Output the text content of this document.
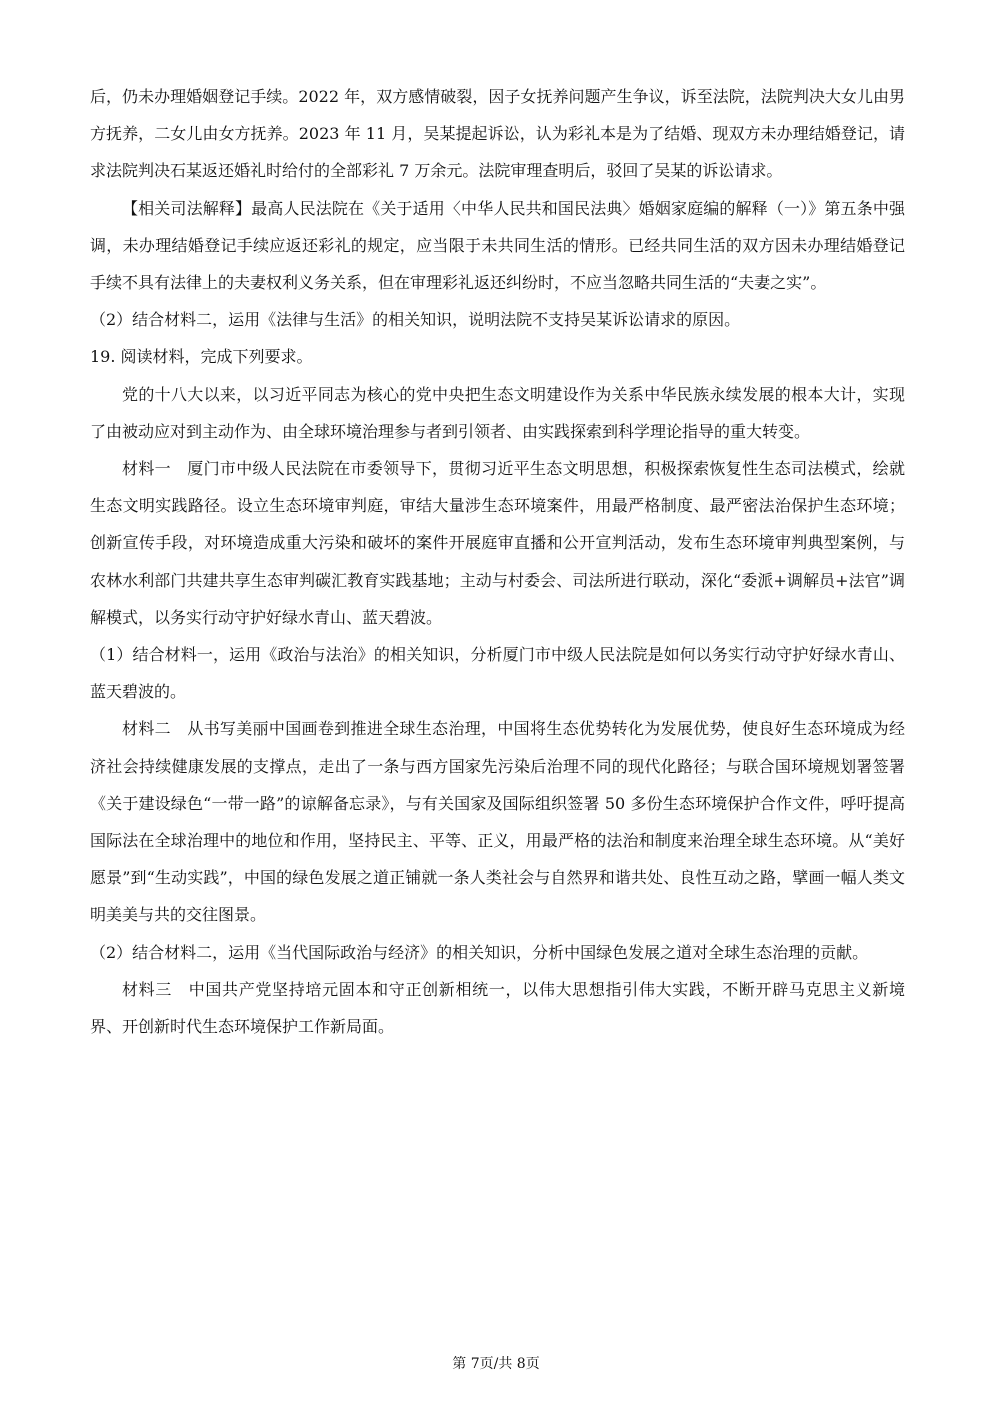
后，仍未办理婚姻登记手续。2022 年，双方感情破裂，因子女抚养问题产生争议，诉至法院，法院判决大女儿由男方抚养，二女儿由女方抚养。2023 年 11 月，吴某提起诉讼，认为彩礼本是为了结婚、现双方未办理结婚登记，请求法院判决石某返还婚礼时给付的全部彩礼 7 万余元。法院审理查明后，驳回了吴某的诉讼请求。

【相关司法解释】最高人民法院在《关于适用〈中华人民共和国民法典〉婚姻家庭编的解释（一）》第五条中强调，未办理结婚登记手续应返还彩礼的规定，应当限于未共同生活的情形。已经共同生活的双方因未办理结婚登记手续不具有法律上的夫妻权利义务关系，但在审理彩礼返还纠纷时，不应当忽略共同生活的“夫妻之实”。

（2）结合材料二，运用《法律与生活》的相关知识，说明法院不支持吴某诉讼请求的原因。

19. 阅读材料，完成下列要求。

党的十八大以来，以习近平同志为核心的党中央把生态文明建设作为关系中华民族永续发展的根本大计，实现了由被动应对到主动作为、由全球环境治理参与者到引领者、由实践探索到科学理论指导的重大转变。

材料一　厦门市中级人民法院在市委领导下，贯彻习近平生态文明思想，积极探索恢复性生态司法模式，绘就生态文明实践路径。设立生态环境审判庭，审结大量涉生态环境案件，用最严格制度、最严密法治保护生态环境；创新宣传手段，对环境造成重大污染和破坏的案件开展庭审直播和公开宣判活动，发布生态环境审判典型案例，与农林水利部门共建共享生态审判碳汇教育实践基地；主动与村委会、司法所进行联动，深化“委派+调解员+法官”调解模式，以务实行动守护好绿水青山、蓝天碧波。

（1）结合材料一，运用《政治与法治》的相关知识，分析厦门市中级人民法院是如何以务实行动守护好绿水青山、蓝天碧波的。

材料二　从书写美丽中国画卷到推进全球生态治理，中国将生态优势转化为发展优势，使良好生态环境成为经济社会持续健康发展的支撑点，走出了一条与西方国家先污染后治理不同的现代化路径；与联合国环境规划署签署《关于建设绿色“一带一路”的谅解备忘录》，与有关国家及国际组织签署 50 多份生态环境保护合作文件，呼吁提高国际法在全球治理中的地位和作用，坚持民主、平等、正义，用最严格的法治和制度来治理全球生态环境。从“美好愿景”到“生动实践”，中国的绿色发展之道正铺就一条人类社会与自然界和谐共处、良性互动之路，擘画一幅人类文明美美与共的交往图景。

（2）结合材料二，运用《当代国际政治与经济》的相关知识，分析中国绿色发展之道对全球生态治理的贡献。

材料三　中国共产党坚持培元固本和守正创新相统一，以伟大思想指引伟大实践，不断开辟马克思主义新境界、开创新时代生态环境保护工作新局面。

第 7页/共 8页
